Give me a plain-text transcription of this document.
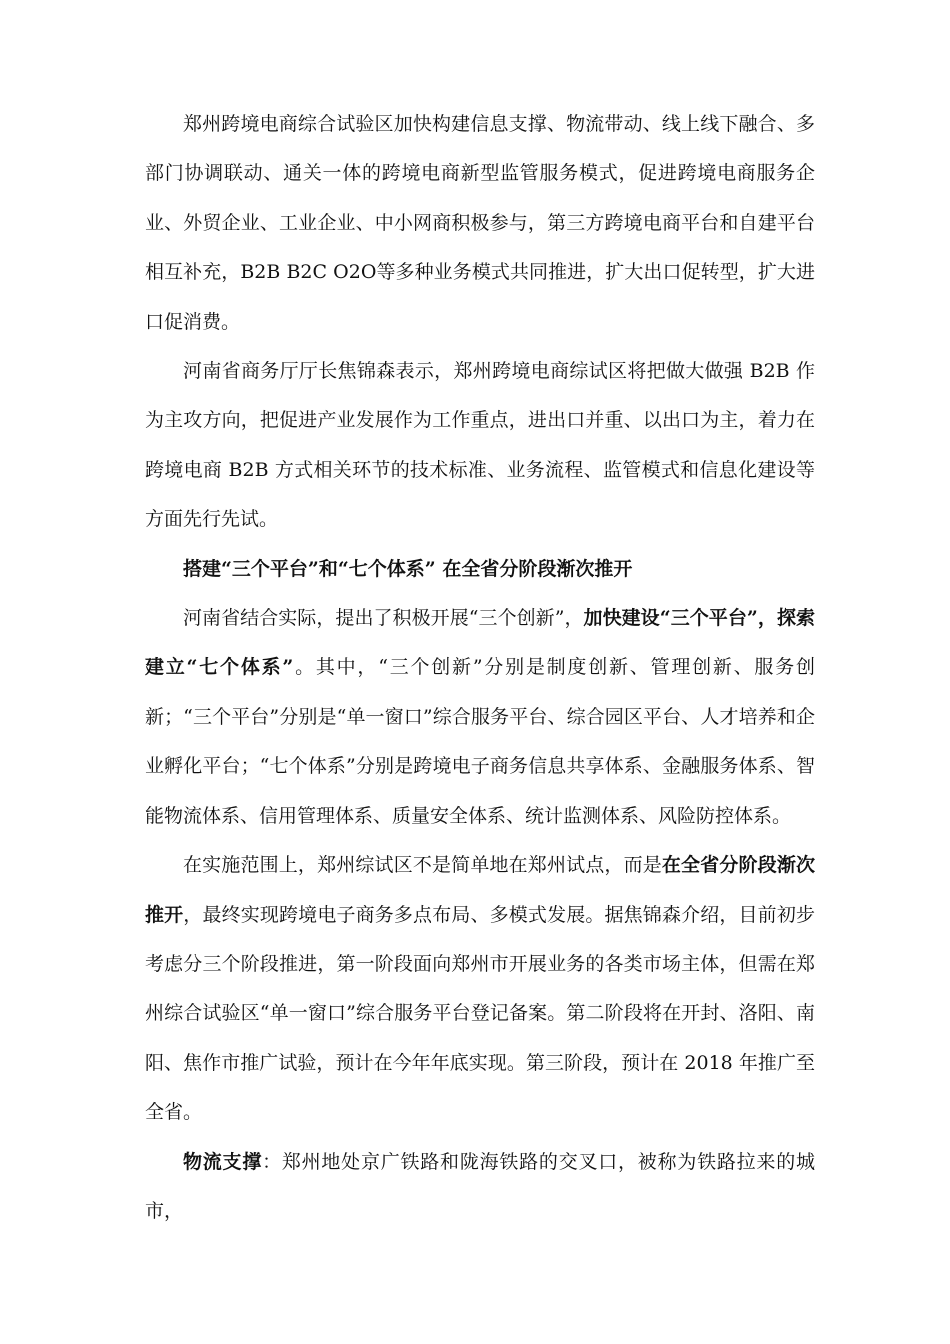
郑州跨境电商综合试验区加快构建信息支撑、物流带动、线上线下融合、多部门协调联动、通关一体的跨境电商新型监管服务模式，促进跨境电商服务企业、外贸企业、工业企业、中小网商积极参与，第三方跨境电商平台和自建平台相互补充，B2B B2C O2O等多种业务模式共同推进，扩大出口促转型，扩大进口促消费。

河南省商务厅厅长焦锦森表示，郑州跨境电商综试区将把做大做强 B2B 作为主攻方向，把促进产业发展作为工作重点，进出口并重、以出口为主，着力在跨境电商 B2B 方式相关环节的技术标准、业务流程、监管模式和信息化建设等方面先行先试。

搭建“三个平台”和“七个体系” 在全省分阶段渐次推开

河南省结合实际，提出了积极开展“三个创新”，加快建设“三个平台”，探索建立“七个体系”。其中，“三个创新”分别是制度创新、管理创新、服务创新；“三个平台”分别是“单一窗口”综合服务平台、综合园区平台、人才培养和企业孵化平台；“七个体系”分别是跨境电子商务信息共享体系、金融服务体系、智能物流体系、信用管理体系、质量安全体系、统计监测体系、风险防控体系。

在实施范围上，郑州综试区不是简单地在郑州试点，而是在全省分阶段渐次推开，最终实现跨境电子商务多点布局、多模式发展。据焦锦森介绍，目前初步考虑分三个阶段推进，第一阶段面向郑州市开展业务的各类市场主体，但需在郑州综合试验区“单一窗口”综合服务平台登记备案。第二阶段将在开封、洛阳、南阳、焦作市推广试验，预计在今年年底实现。第三阶段，预计在 2018 年推广至全省。

物流支撑：郑州地处京广铁路和陇海铁路的交叉口，被称为铁路拉来的城市，
